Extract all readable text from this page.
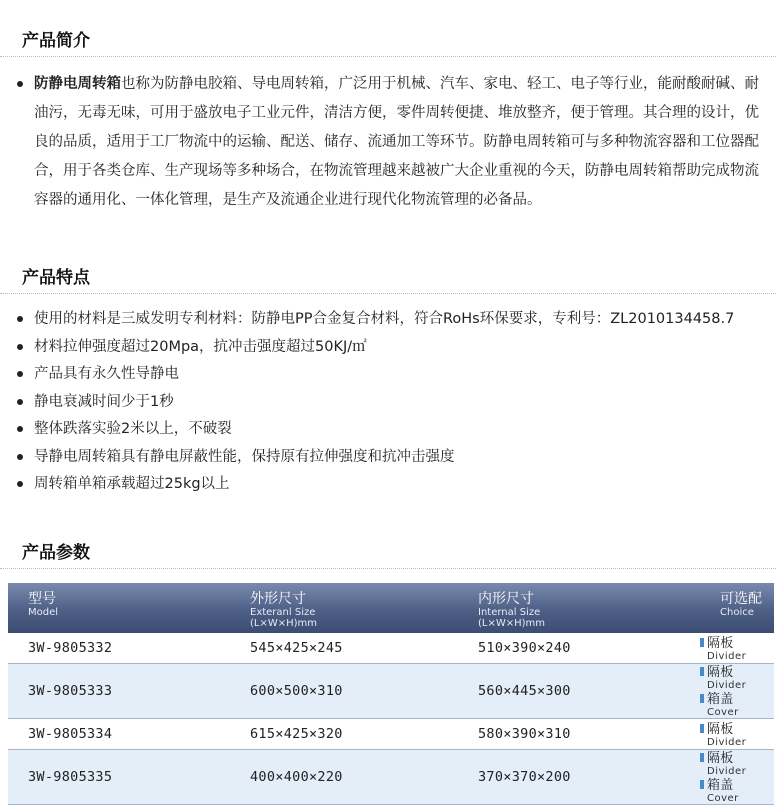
产品简介
防静电周转箱也称为防静电胶箱、导电周转箱，广泛用于机械、汽车、家电、轻工、电子等行业，能耐酸耐碱、耐油污，无毒无味，可用于盛放电子工业元件，清洁方便，零件周转便捷、堆放整齐，便于管理。其合理的设计，优良的品质，适用于工厂物流中的运输、配送、储存、流通加工等环节。防静电周转箱可与多种物流容器和工位器配合，用于各类仓库、生产现场等多种场合，在物流管理越来越被广大企业重视的今天，防静电周转箱帮助完成物流容器的通用化、一体化管理，是生产及流通企业进行现代化物流管理的必备品。
产品特点
使用的材料是三威发明专利材料：防静电PP合金复合材料，符合RoHs环保要求，专利号：ZL2010134458.7
材料拉伸强度超过20Mpa，抗冲击强度超过50KJ/㎡
产品具有永久性导静电
静电衰减时间少于1秒
整体跌落实验2米以上，不破裂
导静电周转箱具有静电屏蔽性能，保持原有拉伸强度和抗冲击强度
周转箱单箱承载超过25kg以上
产品参数
型号
Model	外形尺寸
Exteranl Size
(L×W×H)mm	内形尺寸
Internal Size
(L×W×H)mm	可选配
Choice

3W-9805332	545×425×245	510×390×240	隔板
Divider

3W-9805333	600×500×310	560×445×300	隔板
Divider
箱盖
Cover

3W-9805334	615×425×320	580×390×310	隔板
Divider

3W-9805335	400×400×220	370×370×200	隔板
Divider
箱盖
Cover
